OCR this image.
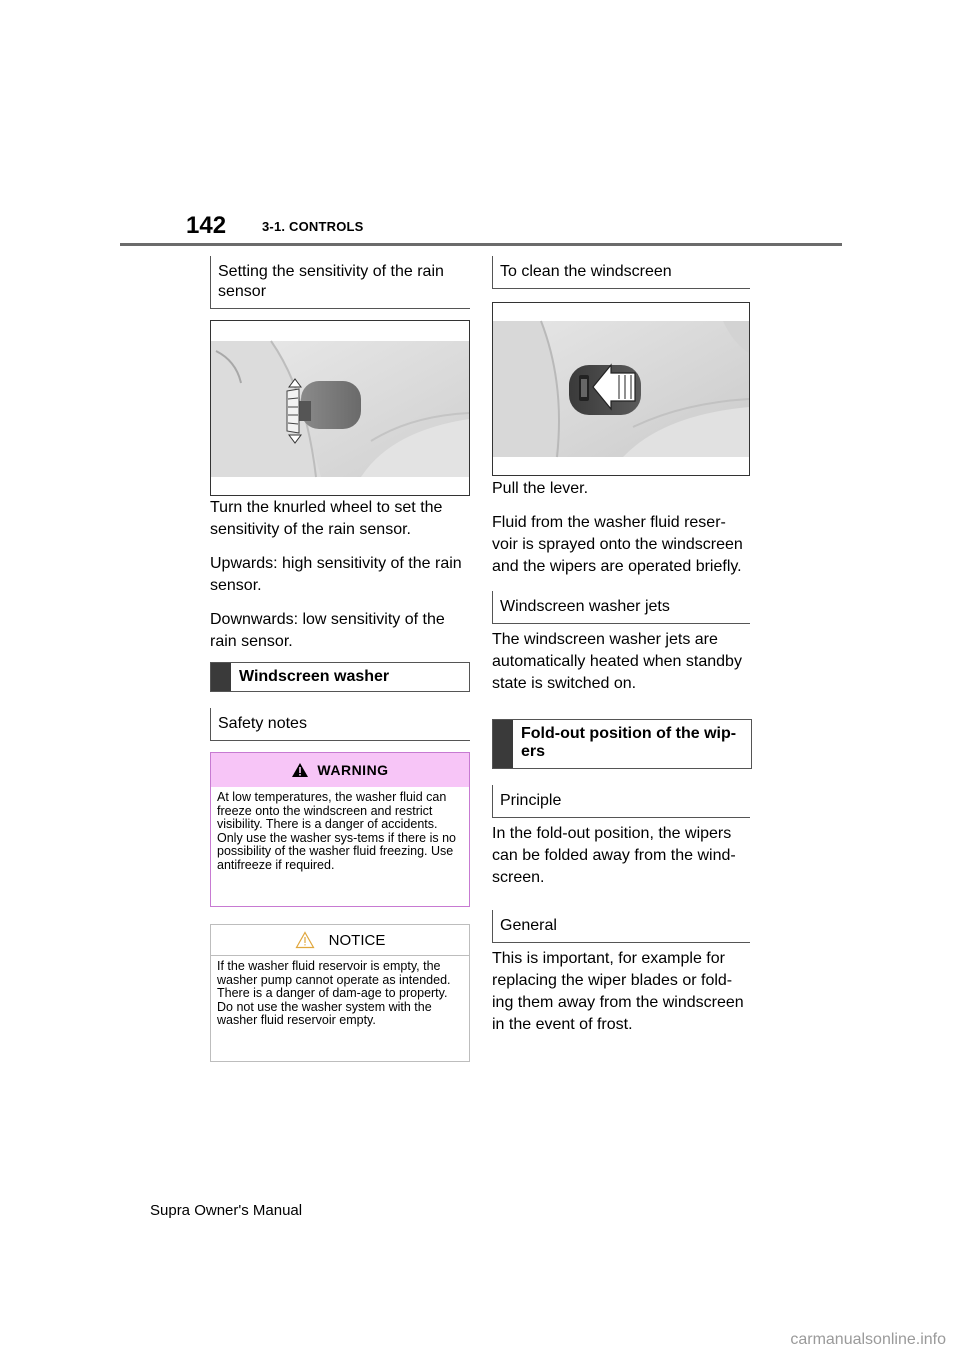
142	3-1. CONTROLS
Setting the sensitivity of the rain sensor

Turn the knurled wheel to set the sensitivity of the rain sensor.

Upwards: high sensitivity of the rain sensor.

Downwards: low sensitivity of the rain sensor.

Windscreen washer
Safety notes
WARNING
At low temperatures, the washer fluid can freeze onto the windscreen and restrict visibility. There is a danger of accidents. Only use the washer sys-tems if there is no possibility of the washer fluid freezing. Use antifreeze if required.
NOTICE
If the washer fluid reservoir is empty, the washer pump cannot operate as intended. There is a danger of dam-age to property. Do not use the washer system with the washer fluid reservoir empty.
To clean the windscreen

Pull the lever.

Fluid from the washer fluid reser-voir is sprayed onto the windscreen and the wipers are operated briefly.

Windscreen washer jets

The windscreen washer jets are automatically heated when standby state is switched on.

Fold-out position of the wip-ers
Principle

In the fold-out position, the wipers can be folded away from the wind-screen.

General

This is important, for example for replacing the wiper blades or fold-ing them away from the windscreen in the event of frost.

Supra Owner's Manual
carmanualsonline.info
